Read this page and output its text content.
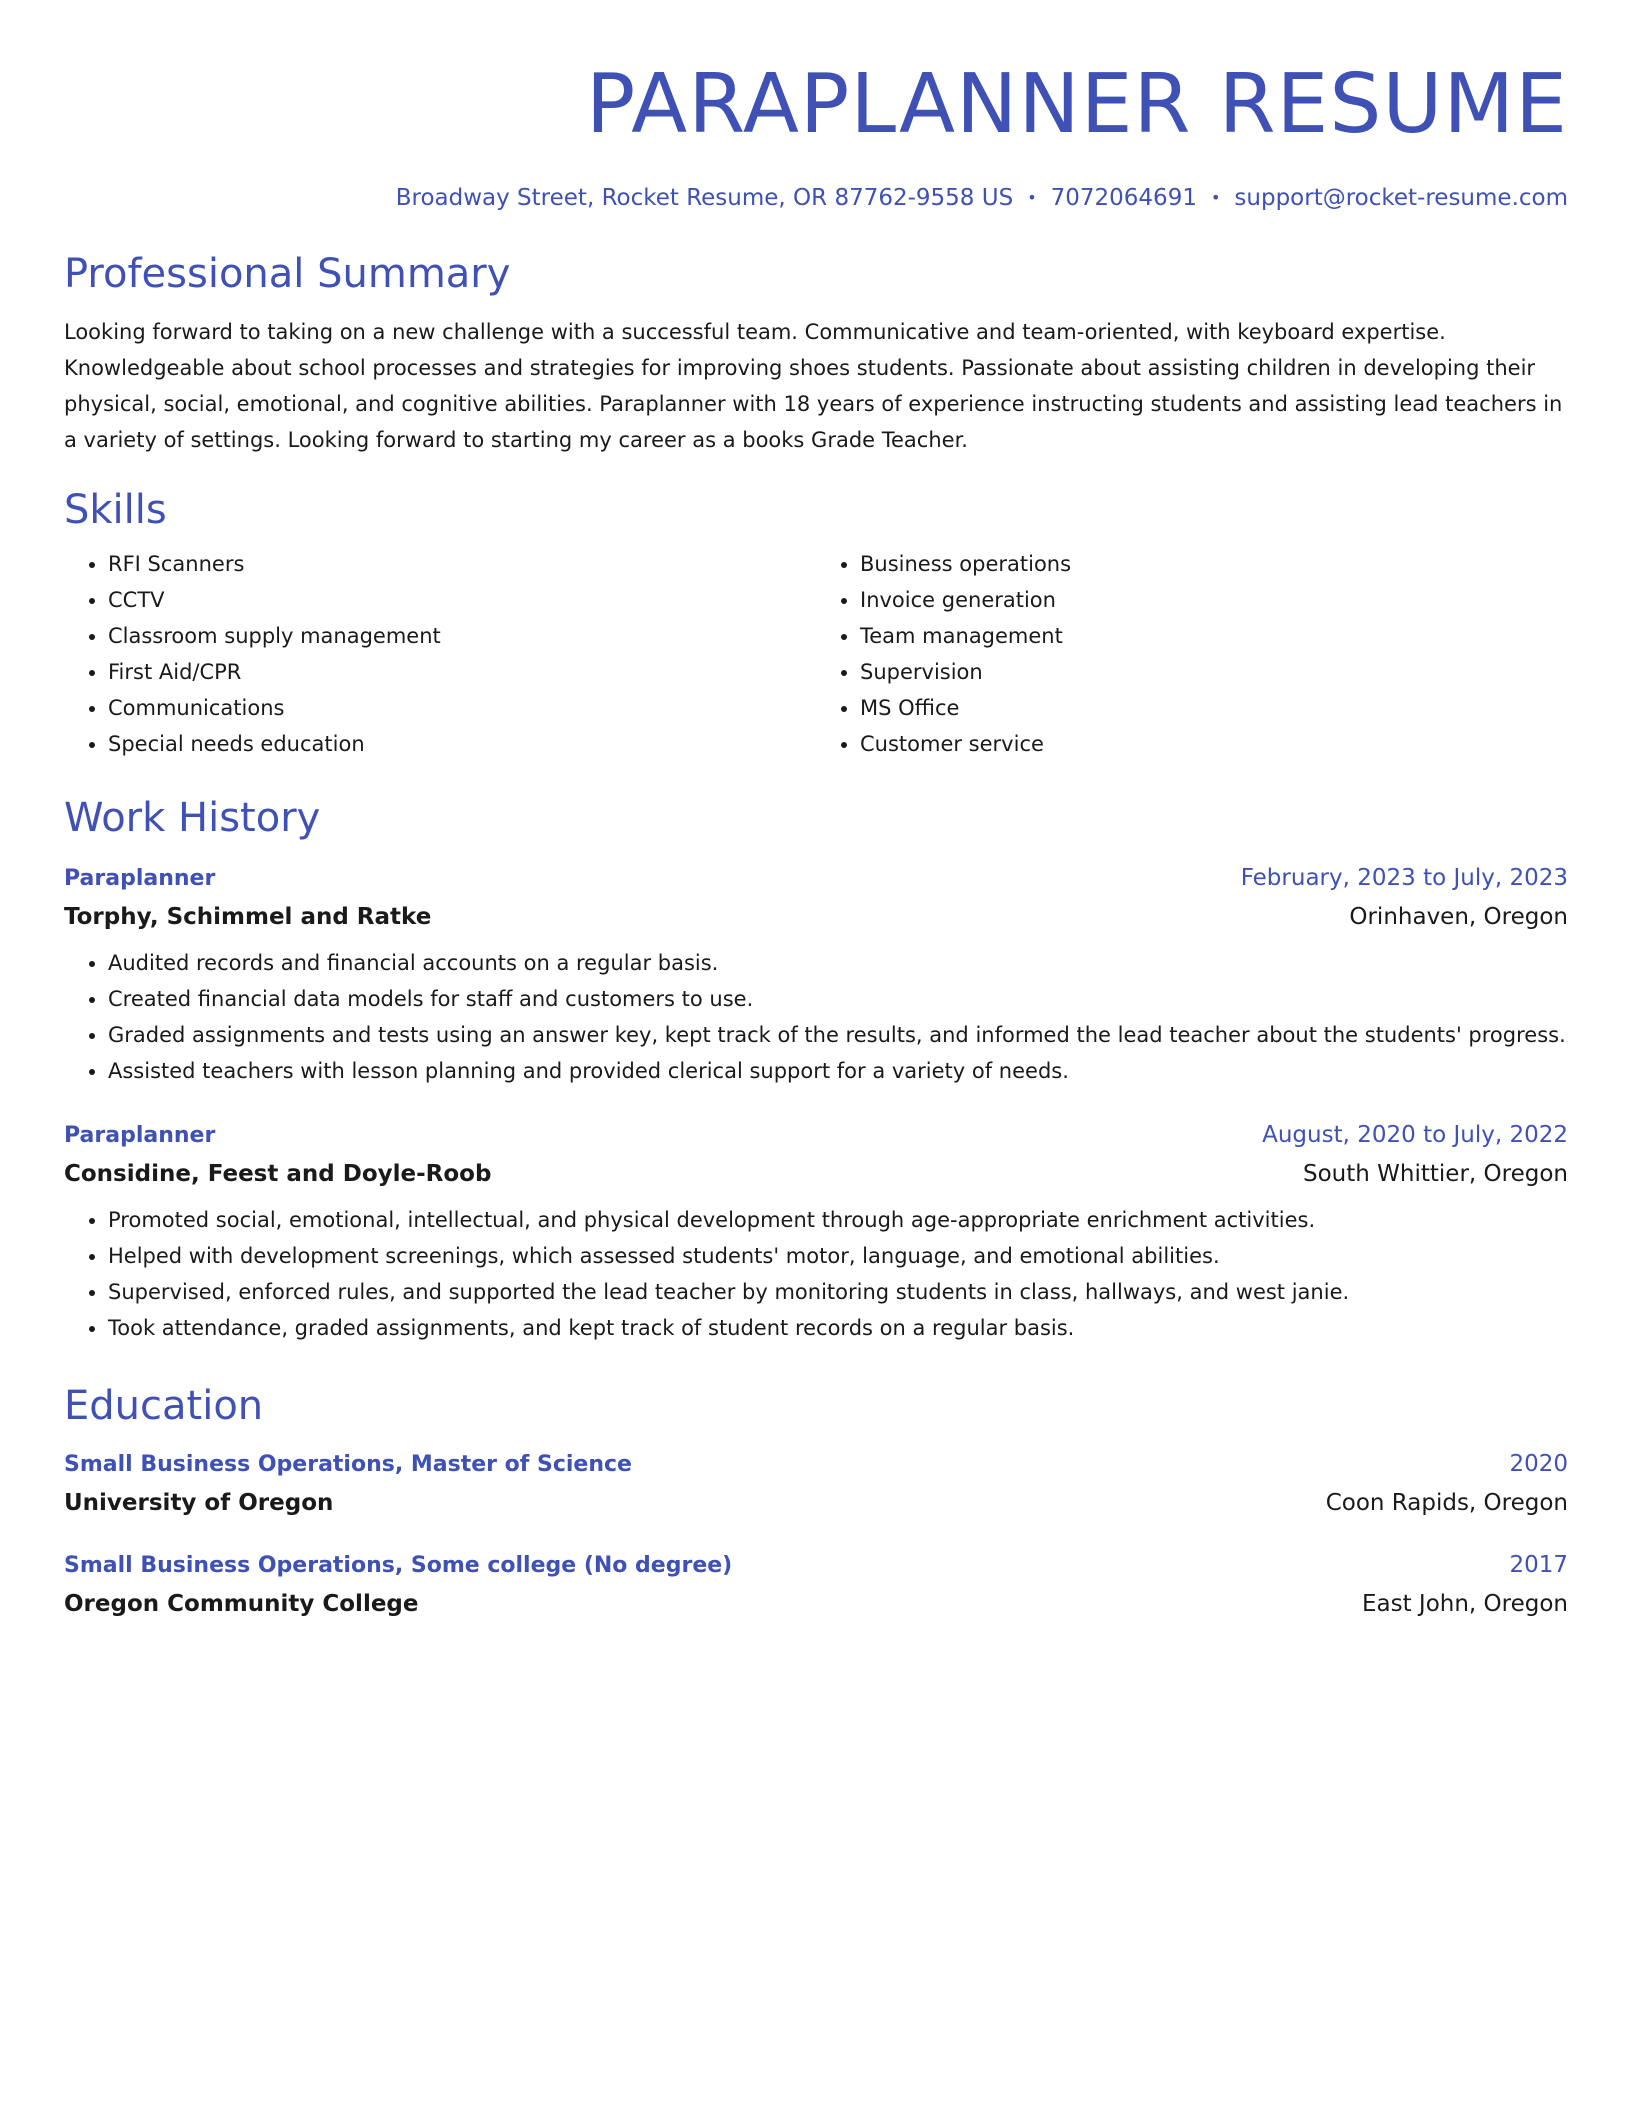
PARAPLANNER RESUME
Broadway Street, Rocket Resume, OR 87762-9558 US • 7072064691 • support@rocket-resume.com
Professional Summary

Looking forward to taking on a new challenge with a successful team. Communicative and team-oriented, with keyboard expertise. Knowledgeable about school processes and strategies for improving shoes students. Passionate about assisting children in developing their physical, social, emotional, and cognitive abilities. Paraplanner with 18 years of experience instructing students and assisting lead teachers in a variety of settings. Looking forward to starting my career as a books Grade Teacher.

Skills
• RFI Scanners
• CCTV
• Classroom supply management
• First Aid/CPR
• Communications
• Special needs education
• Business operations
• Invoice generation
• Team management
• Supervision
• MS Office
• Customer service
Work History
Paraplanner	February, 2023 to July, 2023
Torphy, Schimmel and Ratke	Orinhaven, Oregon
• Audited records and financial accounts on a regular basis.
• Created financial data models for staff and customers to use.
• Graded assignments and tests using an answer key, kept track of the results, and informed the lead teacher about the students' progress.
• Assisted teachers with lesson planning and provided clerical support for a variety of needs.
Paraplanner	August, 2020 to July, 2022
Considine, Feest and Doyle-Roob	South Whittier, Oregon
• Promoted social, emotional, intellectual, and physical development through age-appropriate enrichment activities.
• Helped with development screenings, which assessed students' motor, language, and emotional abilities.
• Supervised, enforced rules, and supported the lead teacher by monitoring students in class, hallways, and west janie.
• Took attendance, graded assignments, and kept track of student records on a regular basis.
Education
Small Business Operations, Master of Science	2020
University of Oregon	Coon Rapids, Oregon
Small Business Operations, Some college (No degree)	2017
Oregon Community College	East John, Oregon
